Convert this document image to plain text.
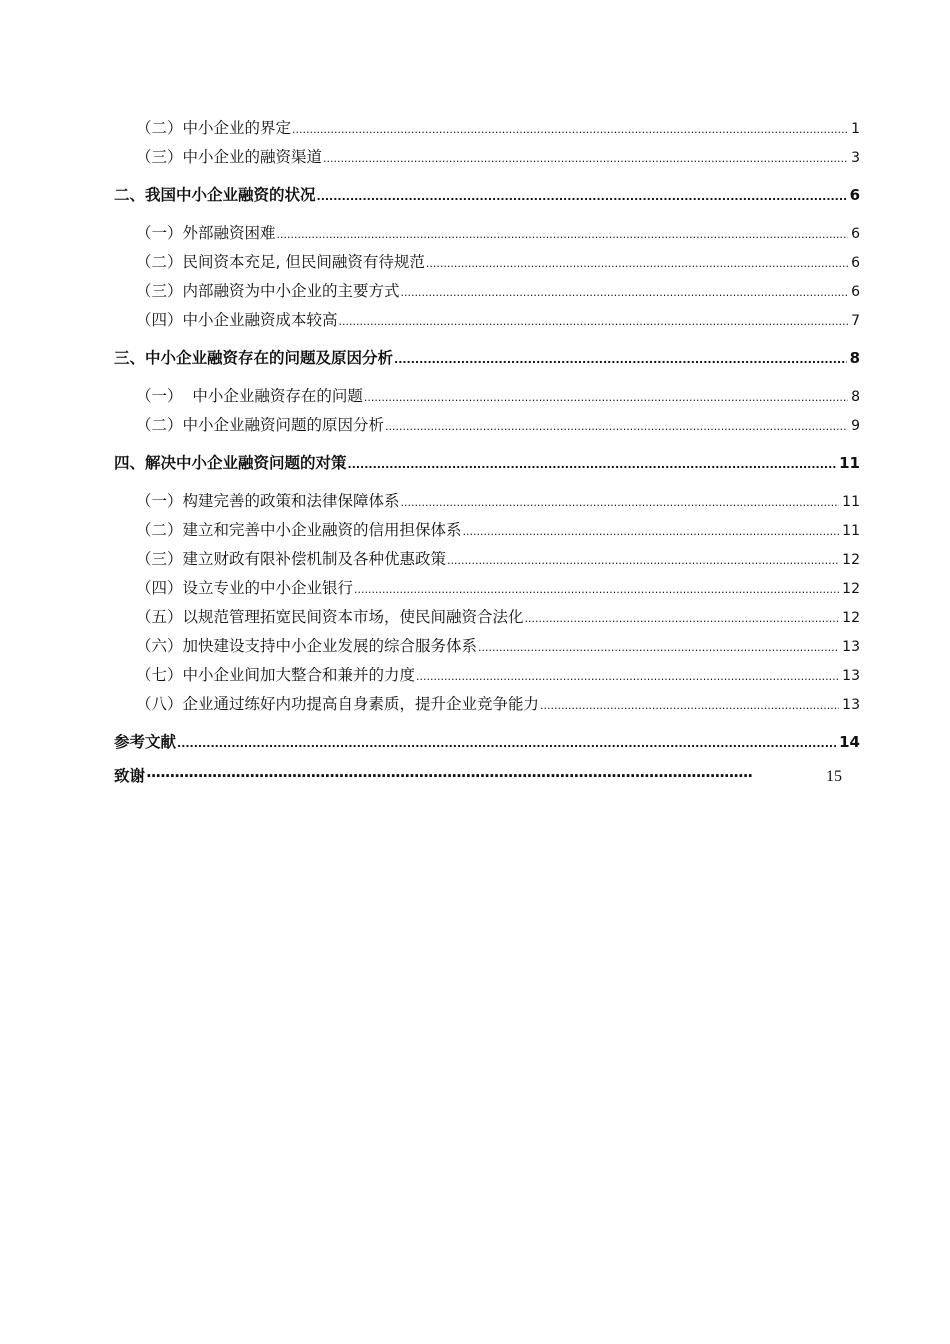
（二）中小企业的界定 .....	1
（三）中小企业的融资渠道 .....	3
二、我国中小企业融资的状况 .....	6
（一）外部融资困难 .....	6
（二）民间资本充足, 但民间融资有待规范 .....	6
（三）内部融资为中小企业的主要方式 .....	6
（四）中小企业融资成本较高 .....	7
三、中小企业融资存在的问题及原因分析 .....	8
（一）  中小企业融资存在的问题 .....	8
（二）中小企业融资问题的原因分析 .....	9
四、解决中小企业融资问题的对策 .....	11
（一）构建完善的政策和法律保障体系 .....	11
（二）建立和完善中小企业融资的信用担保体系 .....	11
（三）建立财政有限补偿机制及各种优惠政策 .....	12
（四）设立专业的中小企业银行 .....	12
（五）以规范管理拓宽民间资本市场，使民间融资合法化 .....	12
（六）加快建设支持中小企业发展的综合服务体系 .....	13
（七）中小企业间加大整合和兼并的力度 .....	13
（八）企业通过练好内功提高自身素质，提升企业竞争能力 .....	13
参考文献 .....	14
致谢 ·····	15
